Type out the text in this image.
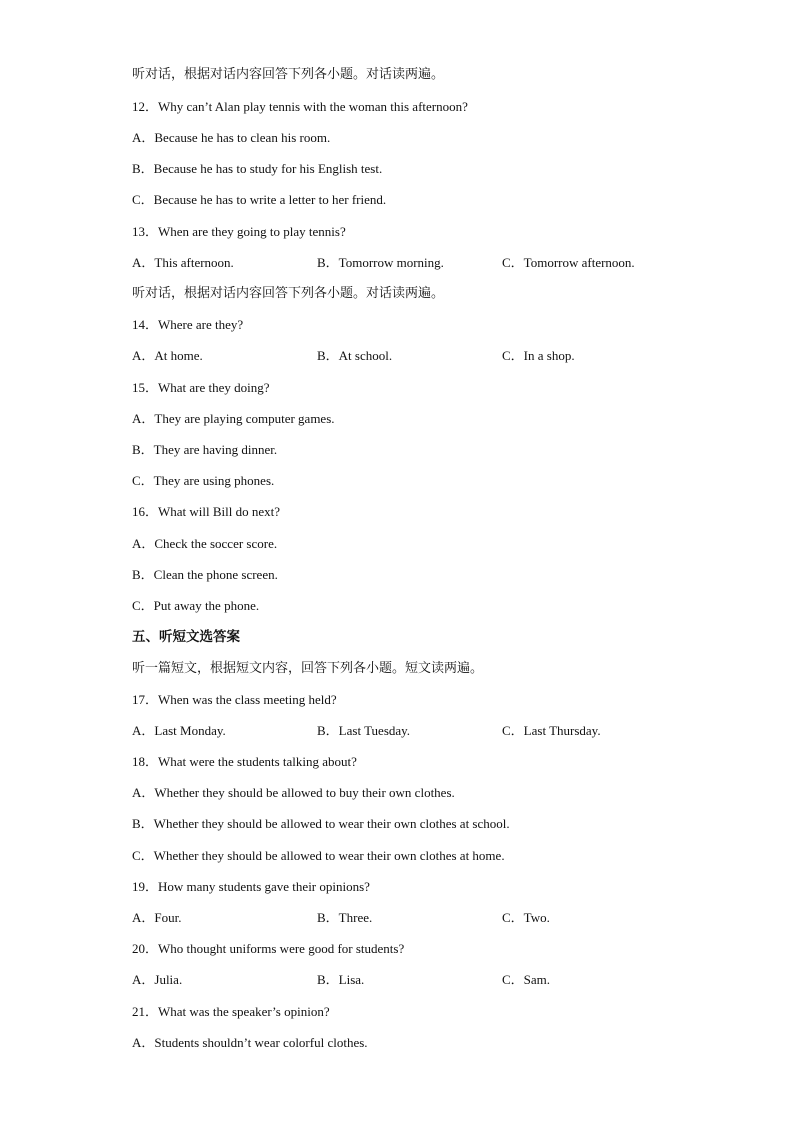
听对话，根据对话内容回答下列各小题。对话读两遍。
12．Why can’t Alan play tennis with the woman this afternoon?
A．Because he has to clean his room.
B．Because he has to study for his English test.
C．Because he has to write a letter to her friend.
13．When are they going to play tennis?
A．This afternoon.	B．Tomorrow morning.	C．Tomorrow afternoon.
听对话，根据对话内容回答下列各小题。对话读两遍。
14．Where are they?
A．At home.	B．At school.	C．In a shop.
15．What are they doing?
A．They are playing computer games.
B．They are having dinner.
C．They are using phones.
16．What will Bill do next?
A．Check the soccer score.
B．Clean the phone screen.
C．Put away the phone.
五、听短文选答案
听一篇短文，根据短文内容，回答下列各小题。短文读两遍。
17．When was the class meeting held?
A．Last Monday.	B．Last Tuesday.	C．Last Thursday.
18．What were the students talking about?
A．Whether they should be allowed to buy their own clothes.
B．Whether they should be allowed to wear their own clothes at school.
C．Whether they should be allowed to wear their own clothes at home.
19．How many students gave their opinions?
A．Four.	B．Three.	C．Two.
20．Who thought uniforms were good for students?
A．Julia.	B．Lisa.	C．Sam.
21．What was the speaker’s opinion?
A．Students shouldn’t wear colorful clothes.
